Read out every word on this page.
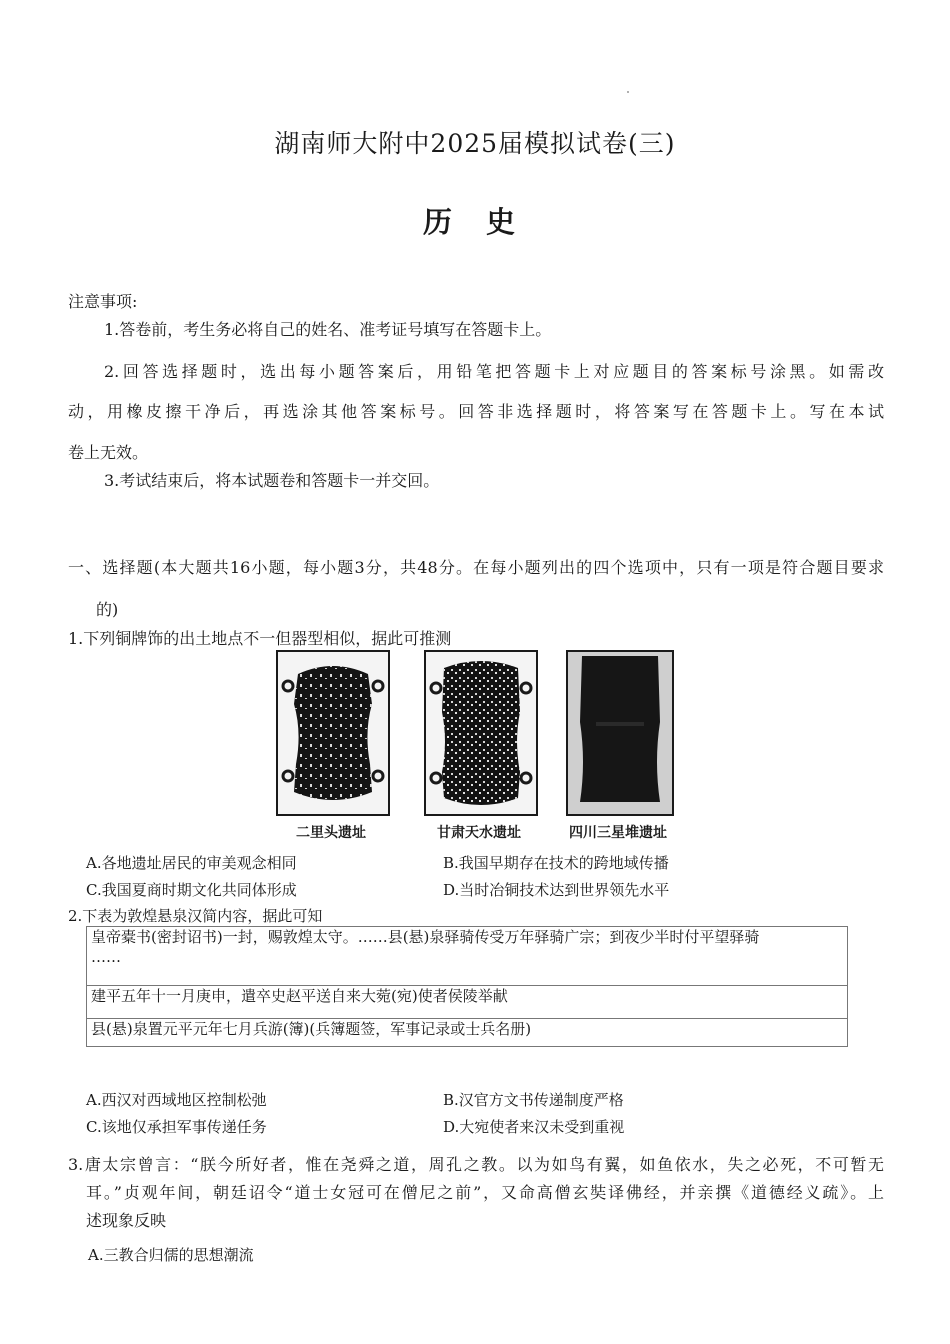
湖南师大附中2025届模拟试卷(三)
历 史
注意事项:
1.答卷前，考生务必将自己的姓名、准考证号填写在答题卡上。
2.回答选择题时，选出每小题答案后，用铅笔把答题卡上对应题目的答案标号涂黑。如需改
动，用橡皮擦干净后，再选涂其他答案标号。回答非选择题时，将答案写在答题卡上。写在本试
卷上无效。
3.考试结束后，将本试题卷和答题卡一并交回。
一、选择题(本大题共16小题，每小题3分，共48分。在每小题列出的四个选项中，只有一项是符合题目要求
的)
1.下列铜牌饰的出土地点不一但器型相似，据此可推测
二里头遗址	甘肃天水遗址	四川三星堆遗址
A.各地遗址居民的审美观念相同	B.我国早期存在技术的跨地域传播
C.我国夏商时期文化共同体形成	D.当时冶铜技术达到世界领先水平
2.下表为敦煌悬泉汉简内容，据此可知
皇帝橐书(密封诏书)一封，赐敦煌太守。……县(悬)泉驿骑传受万年驿骑广宗；到夜少半时付平望驿骑
……

建平五年十一月庚申，遣卒史赵平送自来大菀(宛)使者侯陵举献
县(悬)泉置元平元年七月兵游(簿)(兵簿题签，军事记录或士兵名册)
A.西汉对西域地区控制松弛	B.汉官方文书传递制度严格
C.该地仅承担军事传递任务	D.大宛使者来汉未受到重视
3.唐太宗曾言：“朕今所好者，惟在尧舜之道，周孔之教。以为如鸟有翼，如鱼依水，失之必死，不可暂无
耳。”贞观年间，朝廷诏令“道士女冠可在僧尼之前”，又命高僧玄奘译佛经，并亲撰《道德经义疏》。上
述现象反映
A.三教合归儒的思想潮流
